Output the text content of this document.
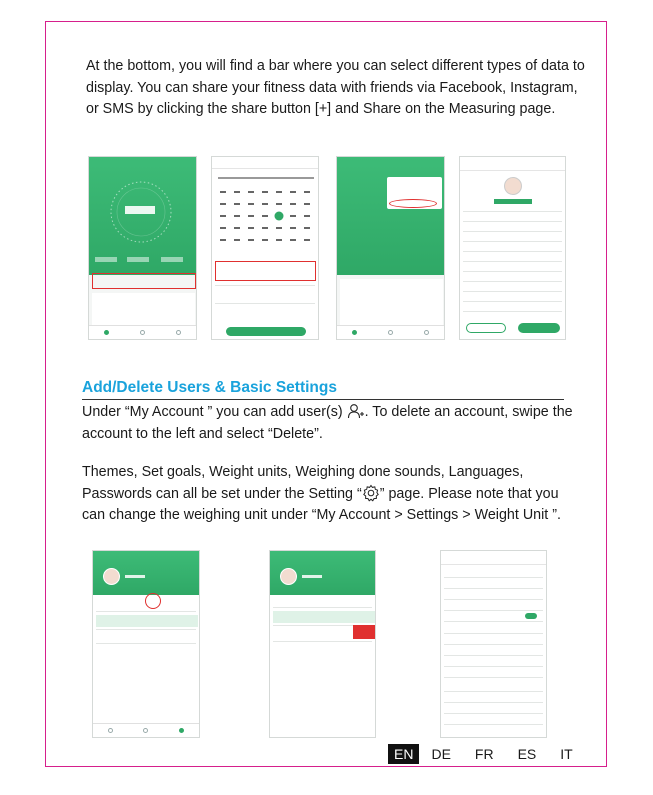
At the bottom, you will find a bar where you can select different types of data to display. You can share your fitness data with friends via Facebook, Instagram, or SMS by clicking the share button [+] and Share on the Measuring page.

Add/Delete Users & Basic Settings

Under “My Account ” you can add user(s) . To delete an account, swipe the account to the left and select “Delete”.

Themes, Set goals, Weight units, Weighing done sounds, Languages, Passwords can all be set under the Setting “ ” page. Please note that you can change the weighing unit under “My Account > Settings > Weight Unit ”.

EN	DE	FR	ES	IT
